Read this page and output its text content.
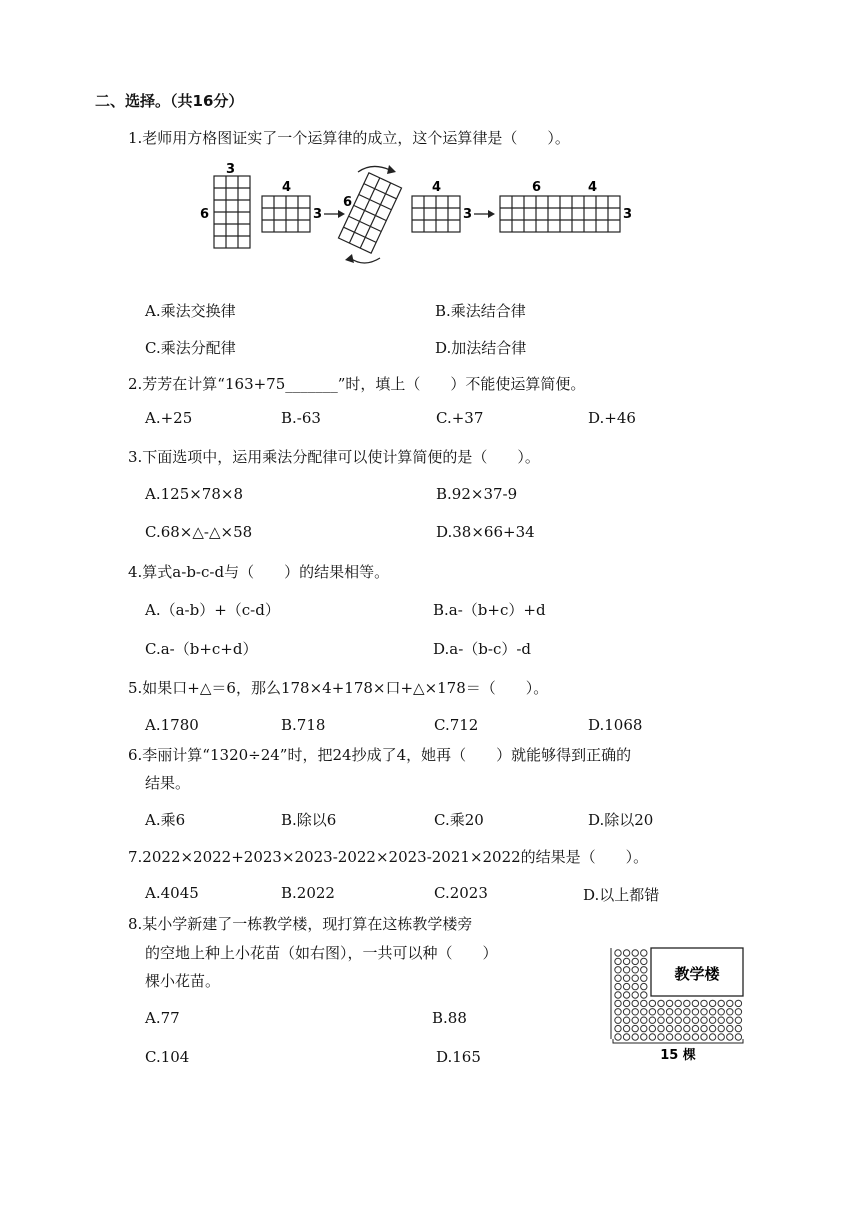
二、选择。（共16分）
1.老师用方格图证实了一个运算律的成立，这个运算律是（　　）。
3
6
4
3
6
4
3
6	4
3
A.乘法交换律	B.乘法结合律
C.乘法分配律	D.加法结合律
2.芳芳在计算“163+75_______”时，填上（　　）不能使运算简便。
A.+25	B.-63	C.+37	D.+46
3.下面选项中，运用乘法分配律可以使计算简便的是（　　）。
A.125×78×8	B.92×37-9
C.68×△-△×58	D.38×66+34
4.算式a-b-c-d与（　　）的结果相等。
A.（a-b）+（c-d）	B.a-（b+c）+d
C.a-（b+c+d）	D.a-（b-c）-d
5.如果口+△＝6，那么178×4+178×口+△×178＝（　　）。
A.1780	B.718	C.712	D.1068
6.李丽计算“1320÷24”时，把24抄成了4，她再（　　）就能够得到正确的
结果。
A.乘6	B.除以6	C.乘20	D.除以20
7.2022×2022+2023×2023-2022×2023-2021×2022的结果是（　　）。
A.4045	B.2022	C.2023	D.以上都错
8.某小学新建了一栋教学楼，现打算在这栋教学楼旁
的空地上种上小花苗（如右图），一共可以种（　　）
棵小花苗。
A.77	B.88
C.104	D.165
教学楼
15 棵
